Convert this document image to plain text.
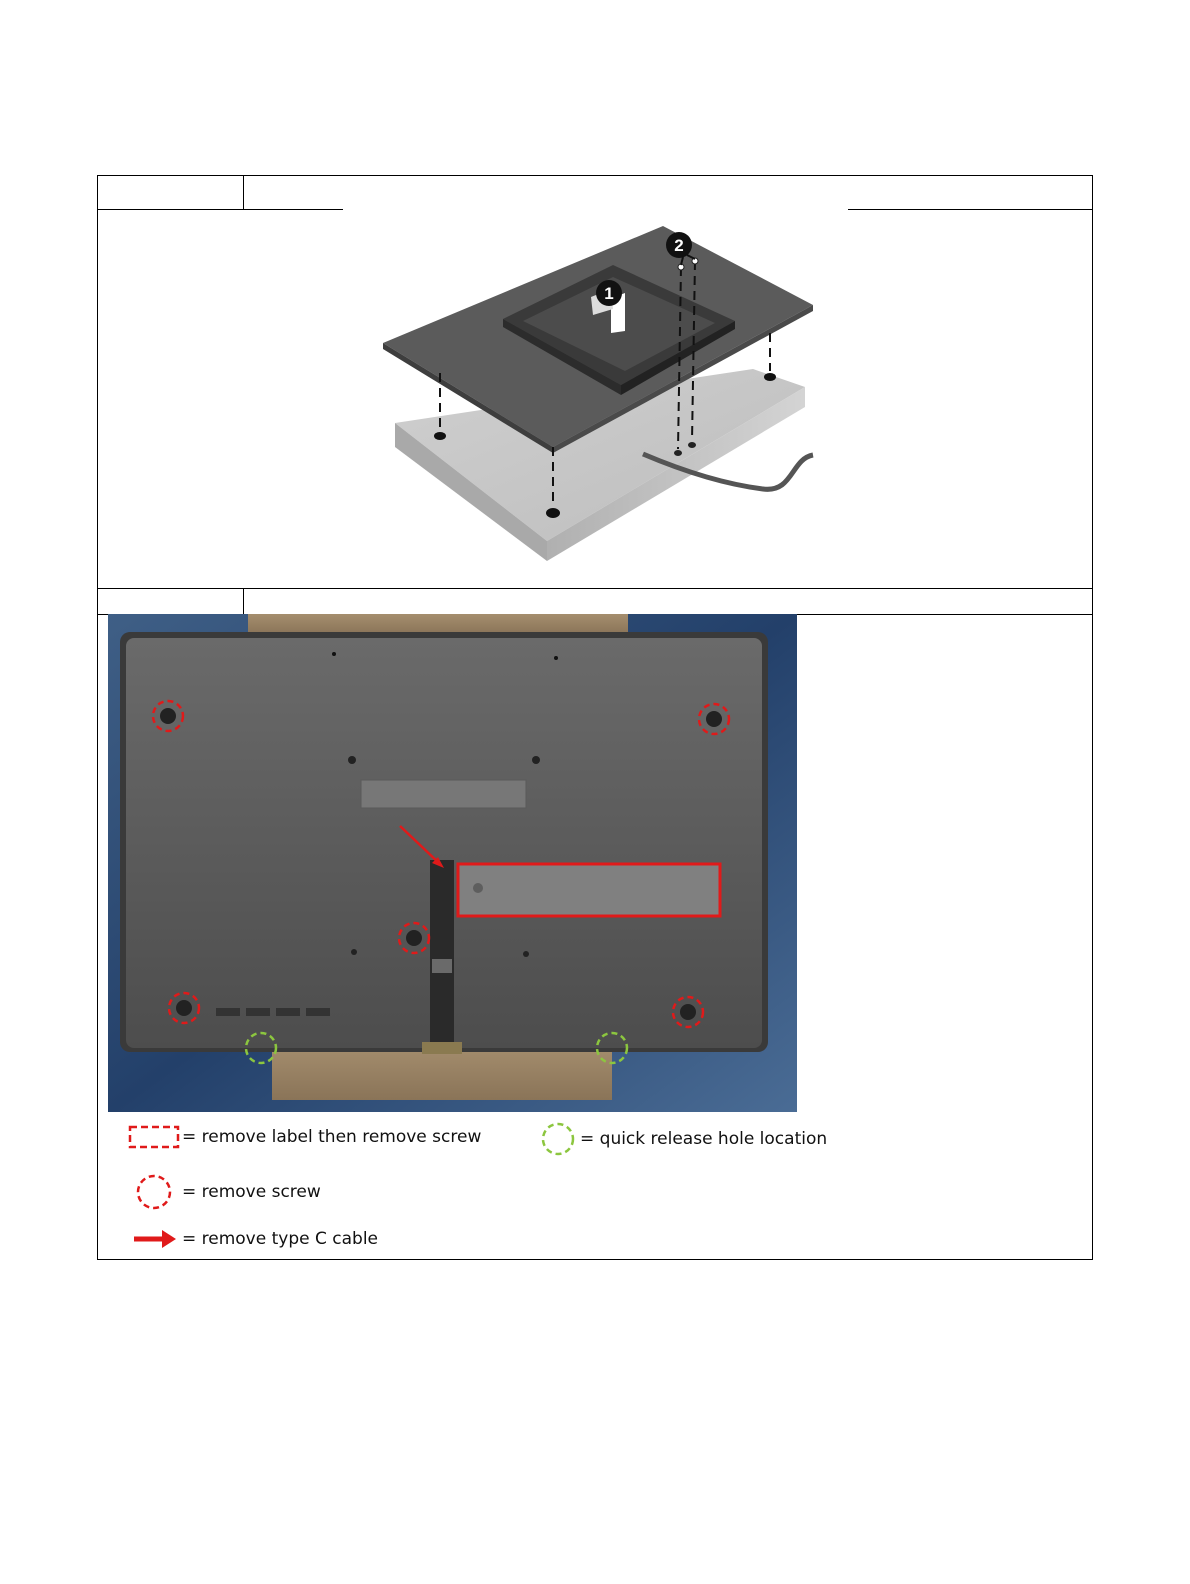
1
2
= remove label then remove screw	= quick release hole location
= remove screw
= remove type C cable
